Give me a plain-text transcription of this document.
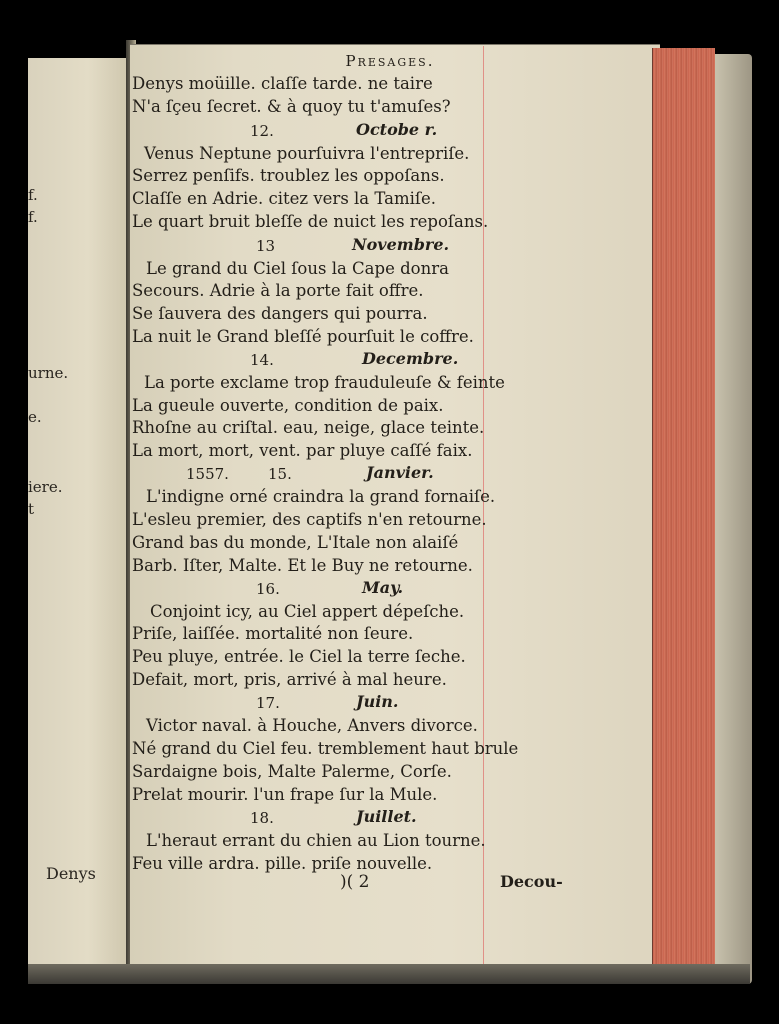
f.
f.
urne.
e.
iere.
t
Denys
Presages.
Denys moüille. claſſe tarde. ne taire
N'a ſçeu ſecret. & à quoy tu t'amuſes?
12.	Octobe r.
Venus Neptune pourſuivra l'entrepriſe.
Serrez penſifs. troublez les oppoſans.
Claſſe en Adrie. citez vers la Tamiſe.
Le quart bruit bleſſe de nuict les repoſans.
13	Novembre.
Le grand du Ciel ſous la Cape donra
Secours. Adrie à la porte fait offre.
Se ſauvera des dangers qui pourra.
La nuit le Grand bleſſé pourſuit le coffre.
14.	Decembre.
La porte exclame trop frauduleuſe & feinte
La gueule ouverte, condition de paix.
Rhoſne au criſtal. eau, neige, glace teinte.
La mort, mort, vent. par pluye caſſé faix.
1557.	15.	Janvier.
L'indigne orné craindra la grand fornaiſe.
L'esleu premier, des captifs n'en retourne.
Grand bas du monde, L'Itale non alaiſé
Barb. Iſter, Malte. Et le Buy ne retourne.
16.	May.
Conjoint icy, au Ciel appert dépeſche.
Priſe, laiſſée. mortalité non ſeure.
Peu pluye, entrée. le Ciel la terre ſeche.
Defait, mort, pris, arrivé à mal heure.
17.	Juin.
Victor naval. à Houche, Anvers divorce.
Né grand du Ciel feu. tremblement haut brule
Sardaigne bois, Malte Palerme, Corſe.
Prelat mourir. l'un frape ſur la Mule.
18.	Juillet.
L'heraut errant du chien au Lion tourne.
Feu ville ardra. pille. priſe nouvelle.
)( 2	Decou-
